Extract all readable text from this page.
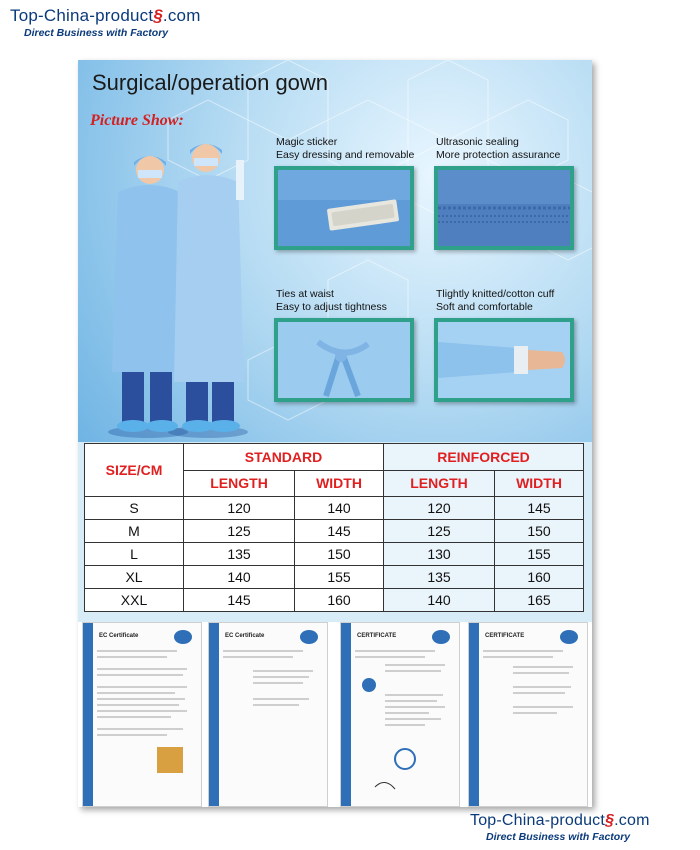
Top-China-product§.com
Direct Business with Factory
Surgical/operation gown
Picture Show:
Magic sticker
Easy dressing and removable
Ultrasonic sealing
More protection assurance
Ties at waist
Easy to adjust tightness
Tlightly knitted/cotton cuff
Soft and comfortable
SIZE/CM	STANDARD		REINFORCED	
	LENGTH	WIDTH	LENGTH	WIDTH
S	120	140	120	145
M	125	145	125	150
L	135	150	130	155
XL	140	155	135	160
XXL	145	160	140	165
EC Certificate	EC Certificate	CERTIFICATE	CERTIFICATE
Top-China-product§.com
Direct Business with Factory
